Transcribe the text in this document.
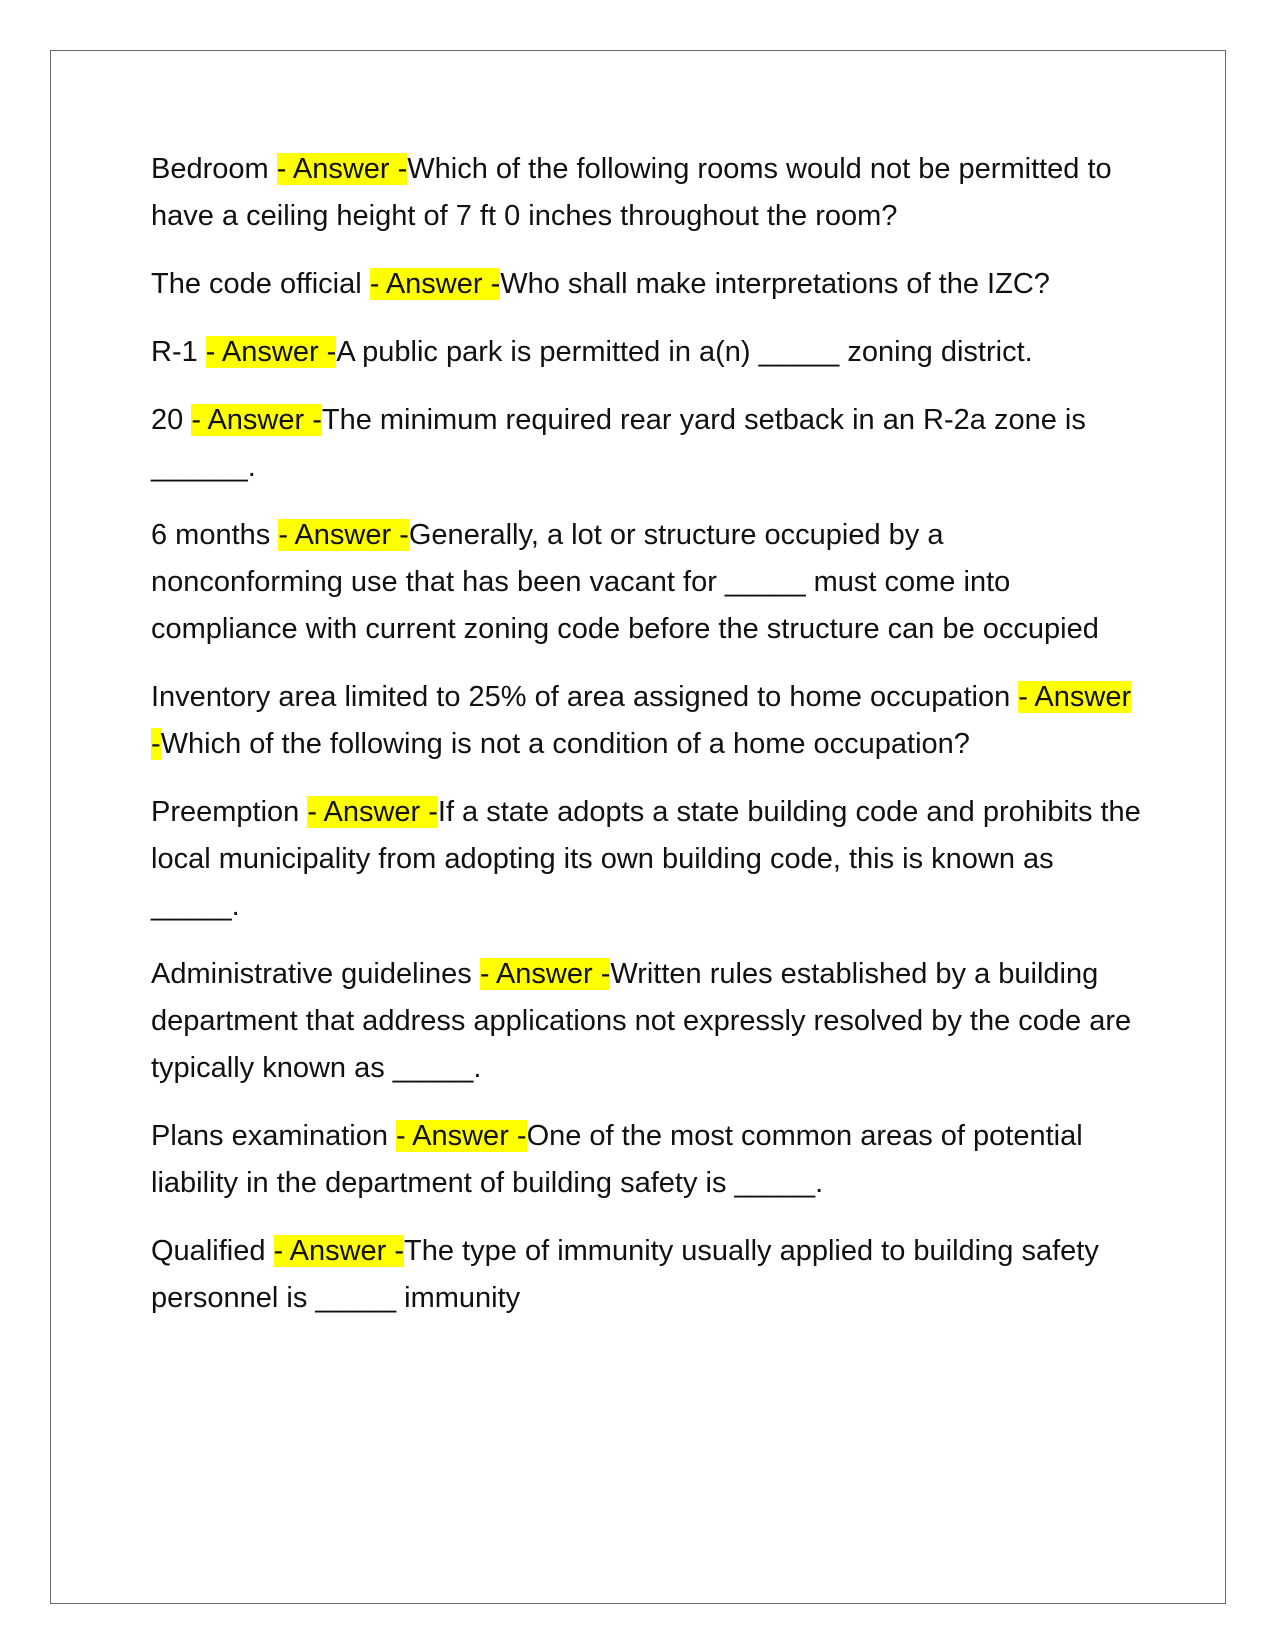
Bedroom - Answer -Which of the following rooms would not be permitted to have a ceiling height of 7 ft 0 inches throughout the room?

The code official - Answer -Who shall make interpretations of the IZC?

R-1 - Answer -A public park is permitted in a(n) _____ zoning district.

20 - Answer -The minimum required rear yard setback in an R-2a zone is ______.

6 months - Answer -Generally, a lot or structure occupied by a nonconforming use that has been vacant for _____ must come into compliance with current zoning code before the structure can be occupied

Inventory area limited to 25% of area assigned to home occupation - Answer -Which of the following is not a condition of a home occupation?

Preemption - Answer -If a state adopts a state building code and prohibits the local municipality from adopting its own building code, this is known as _____.

Administrative guidelines - Answer -Written rules established by a building department that address applications not expressly resolved by the code are typically known as _____.

Plans examination - Answer -One of the most common areas of potential liability in the department of building safety is _____.

Qualified - Answer -The type of immunity usually applied to building safety personnel is _____ immunity
